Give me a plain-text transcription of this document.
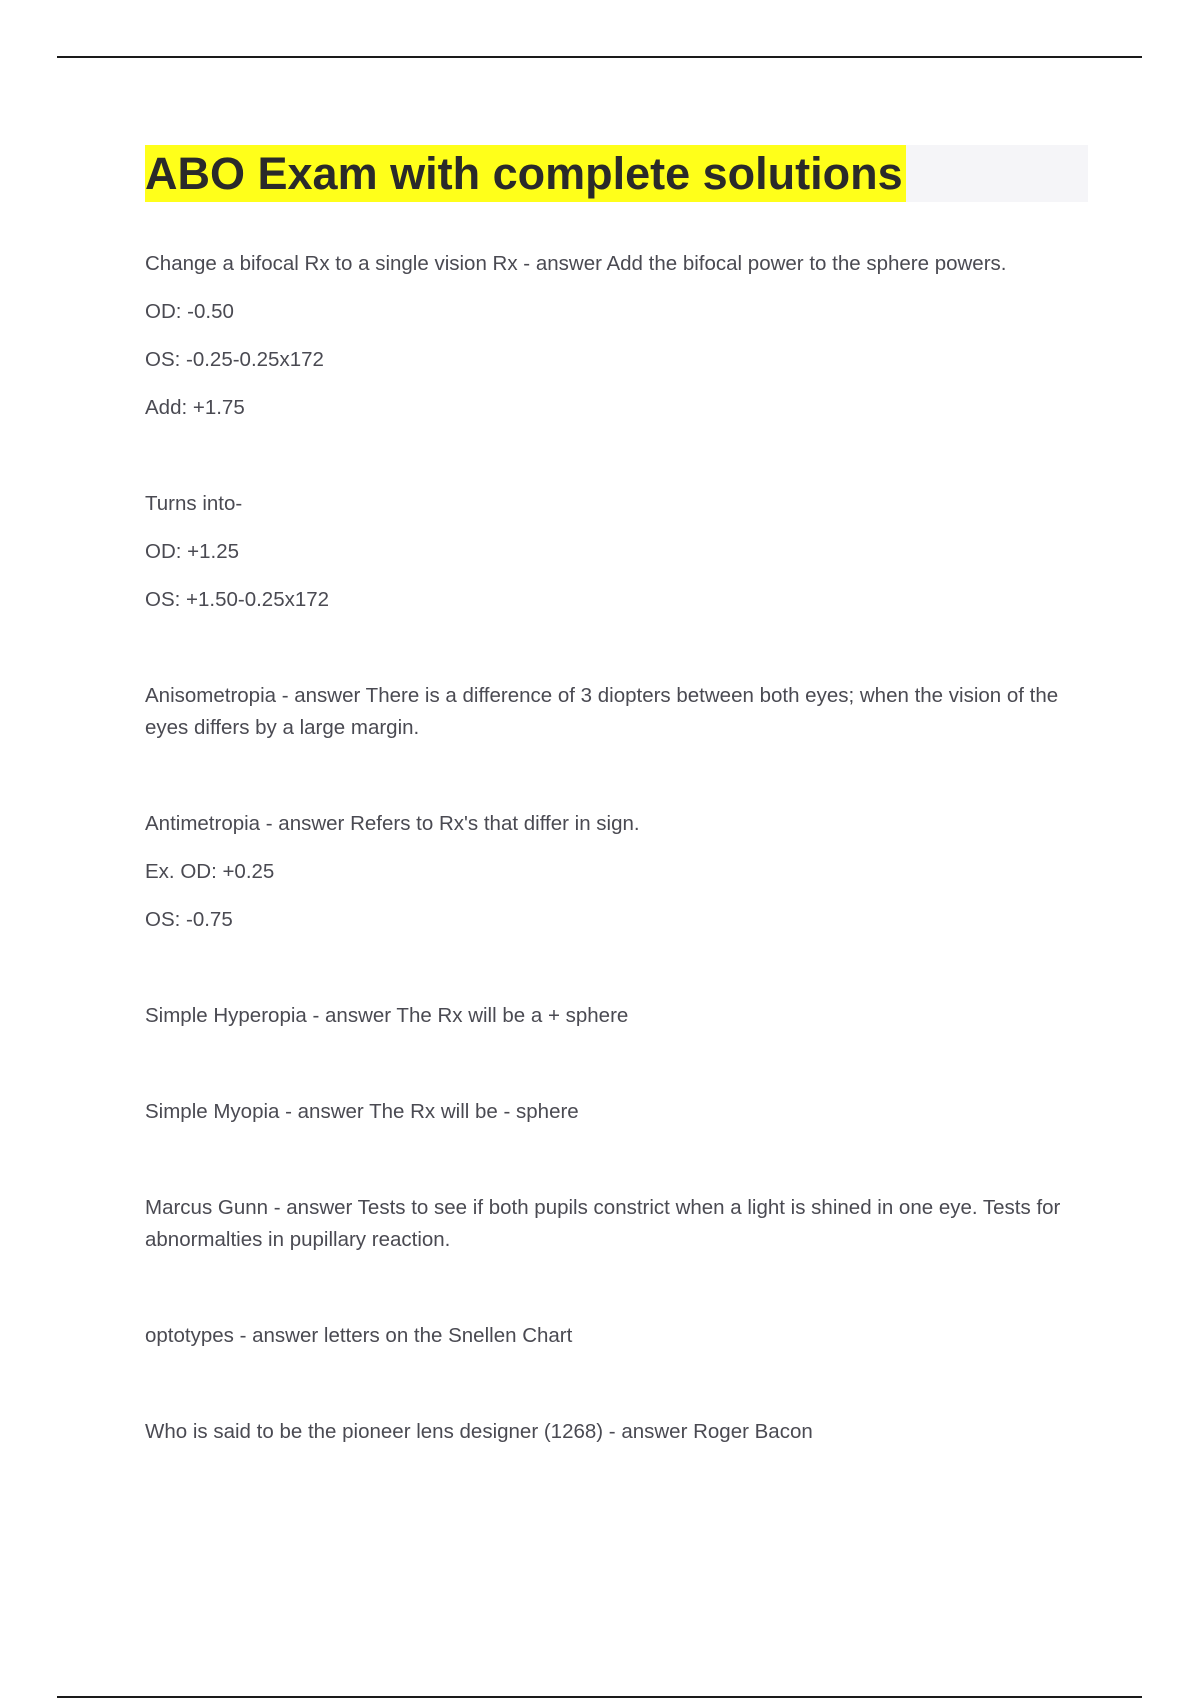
ABO Exam with complete solutions
Change a bifocal Rx to a single vision Rx - answer Add the bifocal power to the sphere powers.
OD: -0.50
OS: -0.25-0.25x172
Add: +1.75
Turns into-
OD: +1.25
OS: +1.50-0.25x172
Anisometropia - answer There is a difference of 3 diopters between both eyes; when the vision of the eyes differs by a large margin.
Antimetropia - answer Refers to Rx's that differ in sign.
Ex. OD: +0.25
OS: -0.75
Simple Hyperopia - answer The Rx will be a + sphere
Simple Myopia - answer The Rx will be - sphere
Marcus Gunn - answer Tests to see if both pupils constrict when a light is shined in one eye. Tests for abnormalties in pupillary reaction.
optotypes - answer letters on the Snellen Chart
Who is said to be the pioneer lens designer (1268) - answer Roger Bacon
